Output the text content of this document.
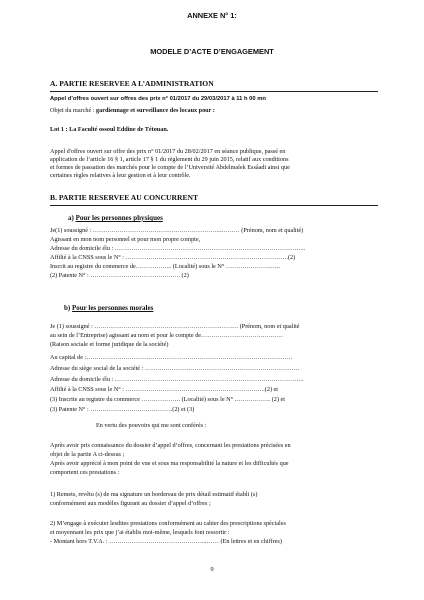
ANNEXE N° 1:
MODELE D’ACTE D’ENGAGEMENT
A. PARTIE RESERVEE A L’ADMINISTRATION
Appel d’offres ouvert sur offres des prix n° 01/2017 du 29/03/2017 à 11 h 00 mn
Objet du marché : gardiennage et surveillance des locaux pour :
Lot 1 : La Faculté ossoul Eddine de Tétouan.
Appel d'offres ouvert sur offre des prix n° 01/2017 du 28/02/2017 en séance publique, passé en
application de l’article 16 § 1, article 17 § 1 du règlement du 29 juin 2015, relatif aux conditions
et formes de passation des marchés pour le compte de l’Université Abdelmalek Essâadi ainsi que
certaines règles relatives à leur gestion et à leur contrôle.
B. PARTIE RESERVEE AU CONCURRENT
a) Pour les personnes physiques
Je(1) soussigné : ……………………………………………………...……… (Prénom, nom et qualité)
Agissant en mon nom personnel et pour mon propre compte,
Adresse du domicile élu : ………………………………………………………………………………...
Affilié à la CNSS sous le N° : …………………………………………………………………….(2)
Inscrit au registre du commerce de……………... (Localité) sous le N° ………………….…..
(2) Patente N° : ……………………………….……. (2)
b) Pour les personnes morales
Je (1) soussigné : …………………………………………………….……… (Prénom, nom et qualité
au sein de l’Entreprise) agissant au nom et pour le compte de………………………….………
(Raison sociale et forme juridique de la société)
Au capital de :……………………………………………………………………………………….
Adresse du siège social de la société : …………………………………………………………………
Adresse du domicile élu : ………………………………………………………………………………..
Affilié à la CNSS sous le N° : …………………………………………………………..(2) et
(3) Inscrite au registre du commerce ………………. (Localité) sous le N° .…………….. (2) et
(3) Patente N° : ……………………….…………(2) et (3)
En vertu des pouvoirs qui me sont conférés :
Après avoir pris connaissance du dossier d’appel d’offres, concernant les prestations précisées en
objet de la partie A ci-dessus ;
Après avoir apprécié à mon point de vue et sous ma responsabilité la nature et les difficultés que
comportent ces prestations :
1) Remets, revêtu (s) de ma signature un bordereau de prix détail estimatif établi (s)
conformément aux modèles figurant au dossier d’appel d’offres ;
2) M’engage à exécuter lesdites prestations conformément au cahier des prescriptions spéciales
et moyennant les prix que j’ai établis moi-même, lesquels font ressortir :
- Montant hors T.V.A. : ………………………………………...…… (En lettres et en chiffres)
9
